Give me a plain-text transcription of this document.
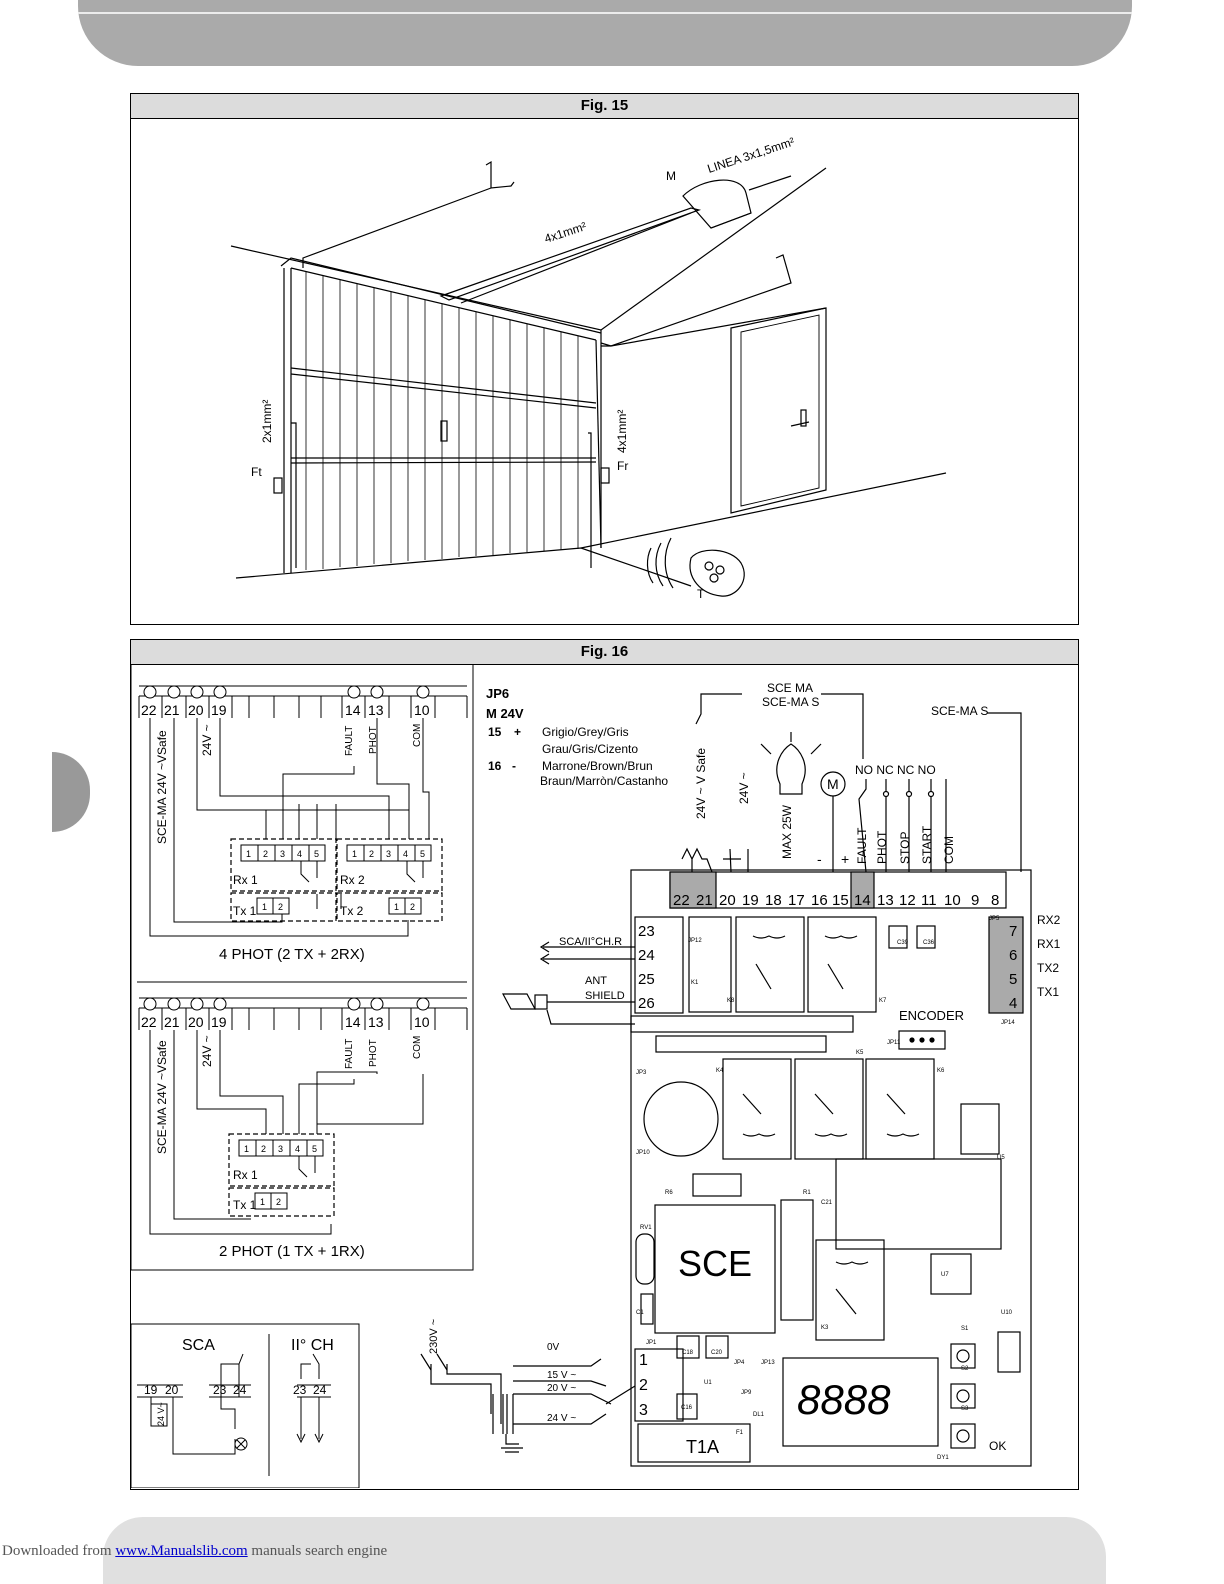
Fig. 15
M
LINEA 3x1,5mm²
4x1mm²
2x1mm²	4x1mm²
Ft	Fr
T
Fig. 16
22 21 20 19	14 13 10
SCE-MA 24V ~VSafe	24V ~	FAULT PHOT	COM
1 2 3 4 5	1 2 3 4 5
1 2	1 2
Rx 1	Rx 2
Tx 1	Tx 2
4 PHOT (2 TX + 2RX)
22 21 20 19	14 13 10
SCE-MA 24V ~VSafe	24V ~	FAULT PHOT	COM
1 2 3 4 5
1 2
Rx 1
Tx 1
2 PHOT (1 TX + 1RX)
SCA	II° CH
19 20	23 24	23 24
24 V~
JP6
M 24V
15 + Grigio/Grey/Gris
Grau/Gris/Cizento
16 - Marrone/Brown/Brun
Braun/Marròn/Castanho
SCE MA
SCE-MA S
SCE-MA S
NO NC NC NO
M
24V ~ V Safe 24V ~
MAX 25W - + FAULT PHOT STOP START COM
22 21 20 19 18 17 16 15 14 13 12 11 10 9 8
23
24
25
26
SCA/II°CH.R
ANT
SHIELD
7
6
5
4
RX2
RX1
TX2
TX1
ENCODER
SCE
8888
T1A	OK
230V ~	0V
15 V ~
20 V ~
24 V ~
1
2
3
JP12
K1
K8	K7
C39 C36
JP5
JP14
JP11
K5
K4	K6
JP3
JP10
U5
R6	R1
C21
RV1
C1
JP1
C18	C20
U1
C16
JP4	JP13
JP9
DL1
F1
K3
U7
U10
DY1
S1
S2
S3
Downloaded from www.Manualslib.com manuals search engine
